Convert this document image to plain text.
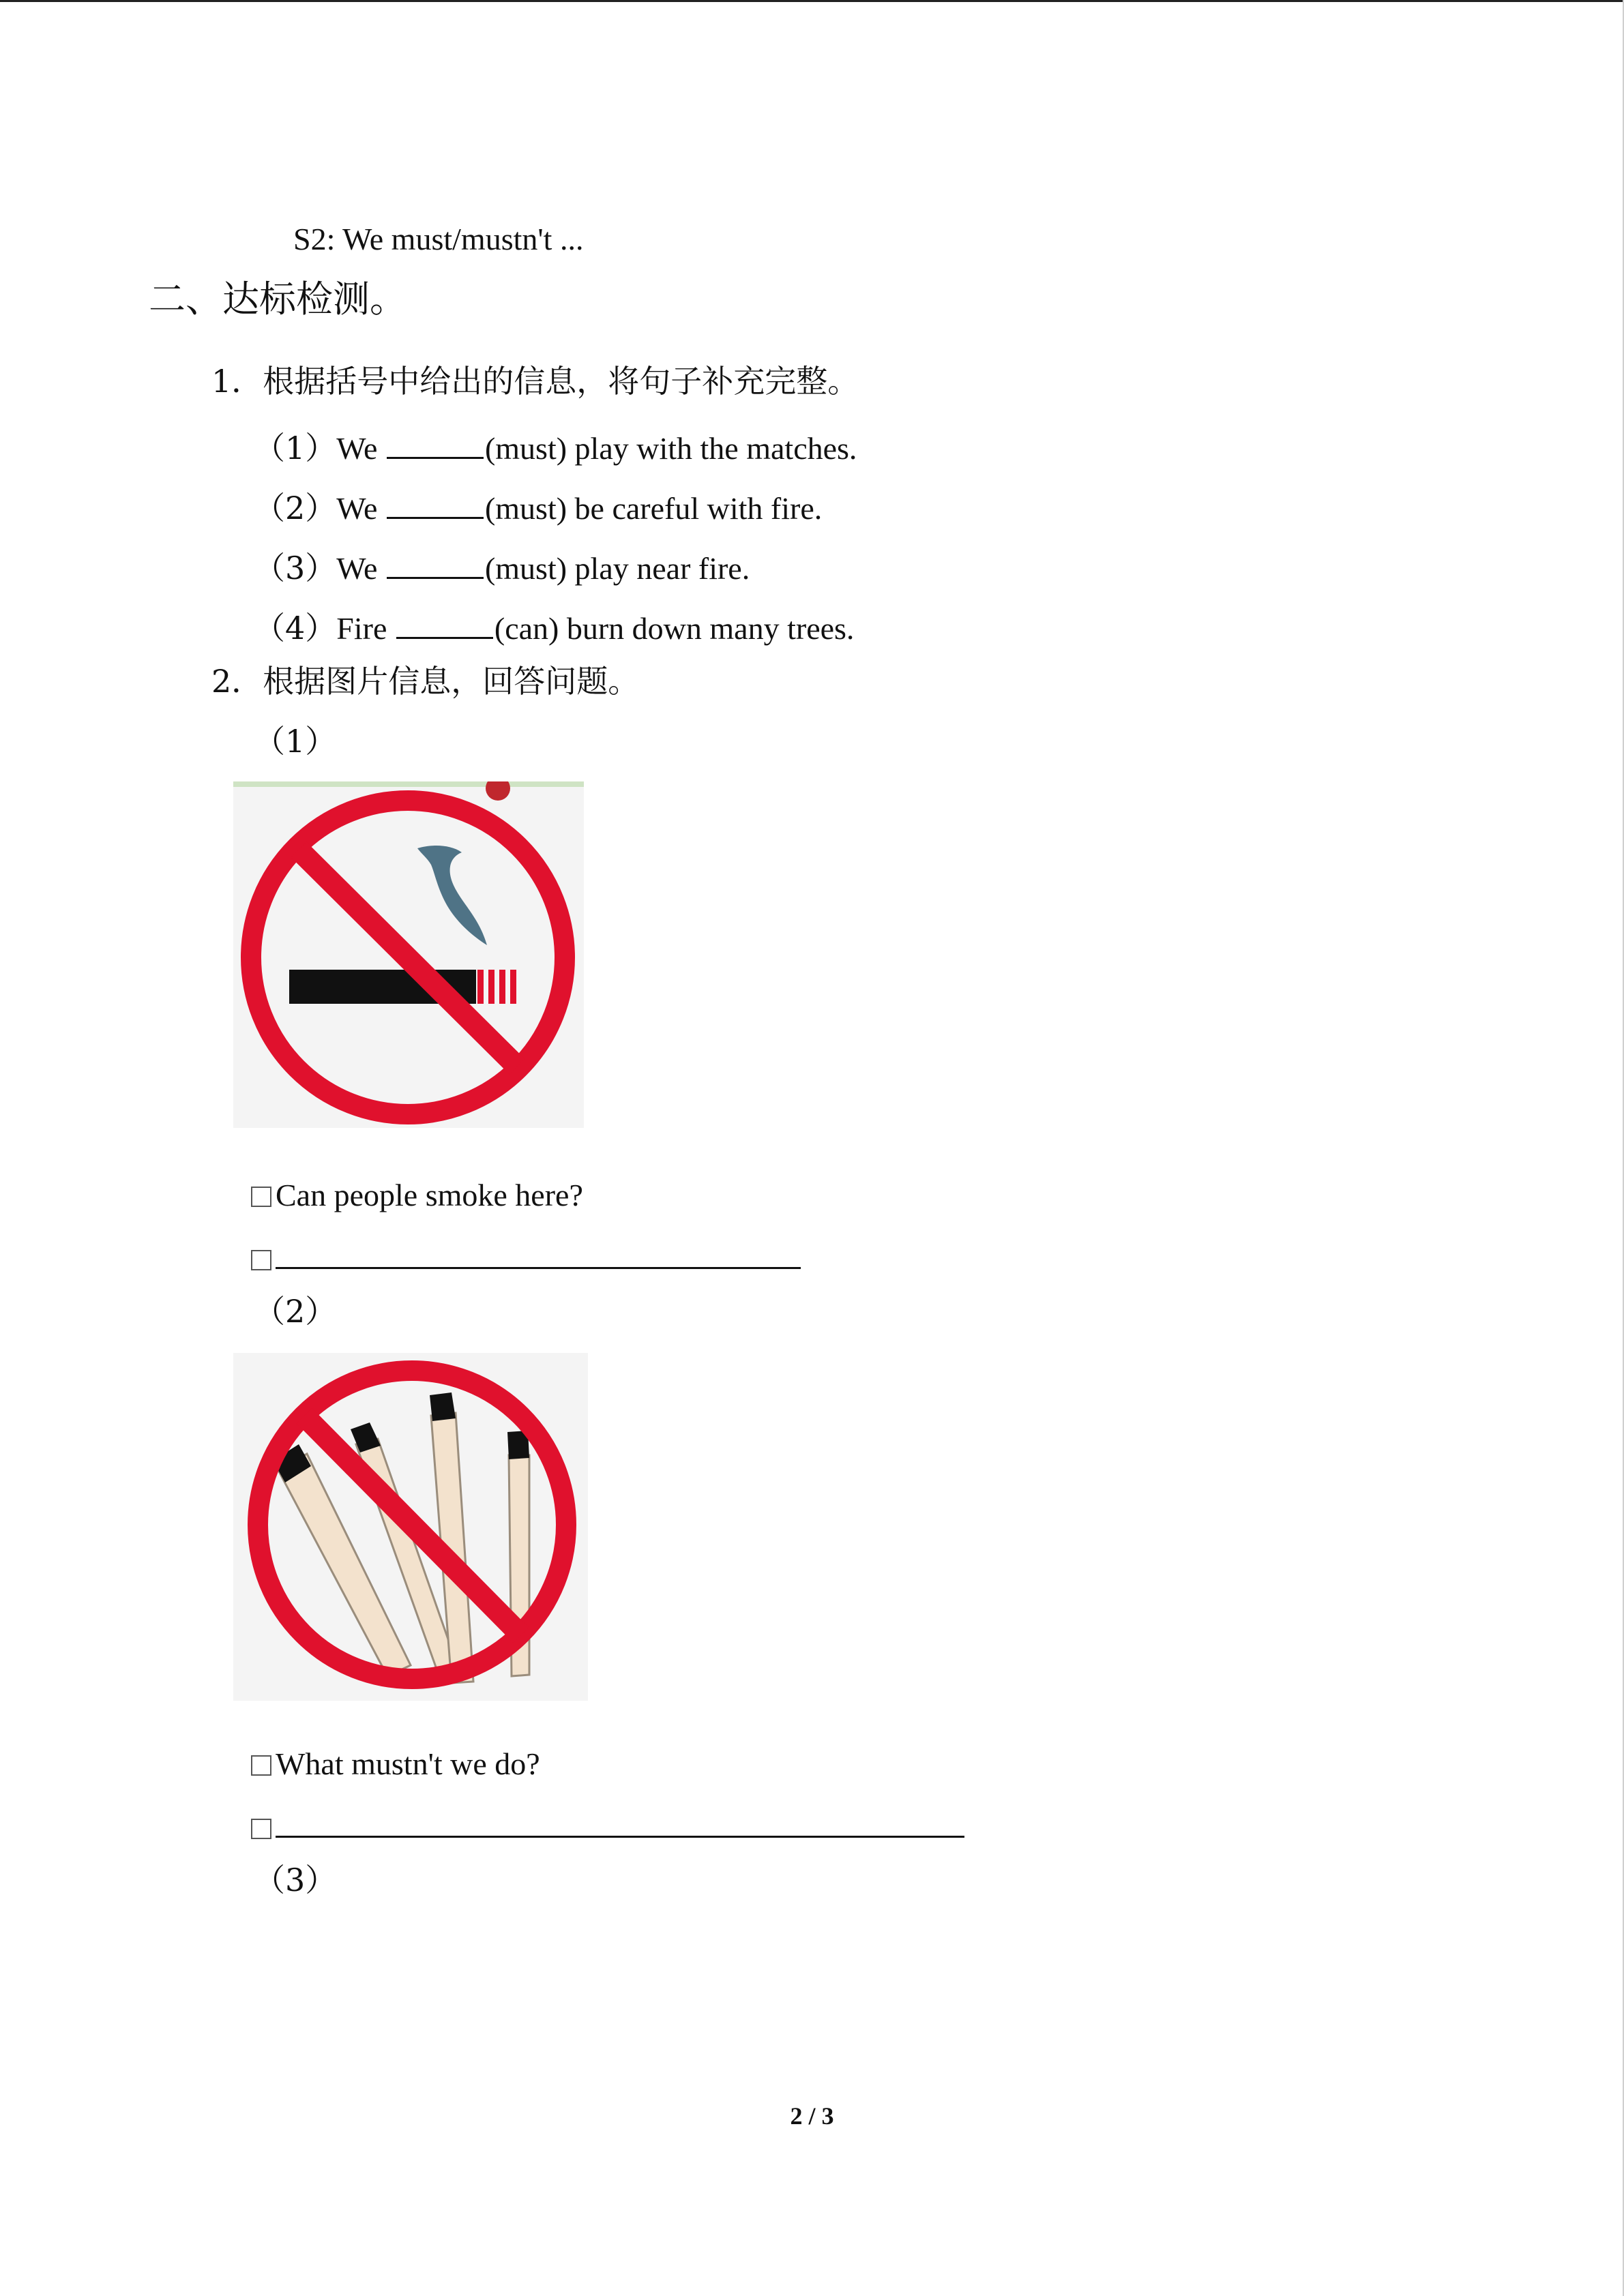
S2: We must/mustn't ...
二、达标检测。
1．根据括号中给出的信息，将句子补充完整。
（1）We	(must) play with the matches.
（2）We	(must) be careful with fire.
（3）We	(must) play near fire.
（4）Fire	(can) burn down many trees.
2．根据图片信息，回答问题。
（1）
Can people smoke here?
（2）
What mustn't we do?
（3）
2 / 3
